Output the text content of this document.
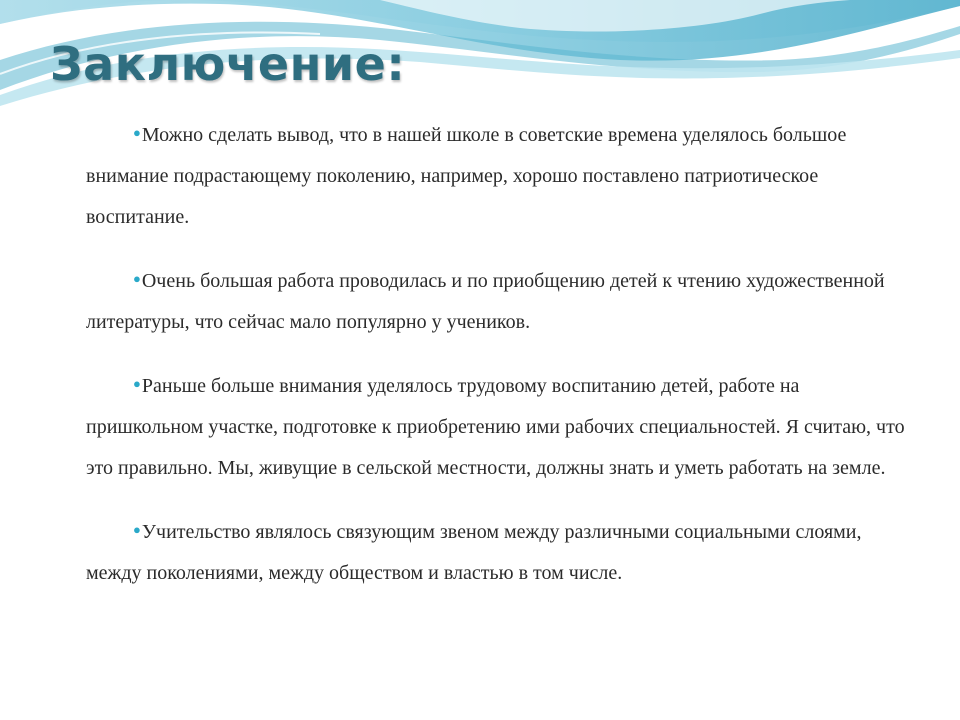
Заключение:

●Можно сделать вывод, что в нашей школе в советские времена уделялось большое внимание подрастающему поколению, например, хорошо поставлено патриотическое воспитание.

●Очень большая работа проводилась и по приобщению детей к чтению художественной литературы, что сейчас мало популярно у учеников.

●Раньше больше внимания уделялось трудовому воспитанию детей, работе на пришкольном участке, подготовке к приобретению ими рабочих специальностей. Я считаю, что это правильно. Мы, живущие в сельской местности, должны знать и уметь работать на земле.

●Учительство являлось связующим звеном между различными социальными слоями, между поколениями, между обществом и властью в том числе.
